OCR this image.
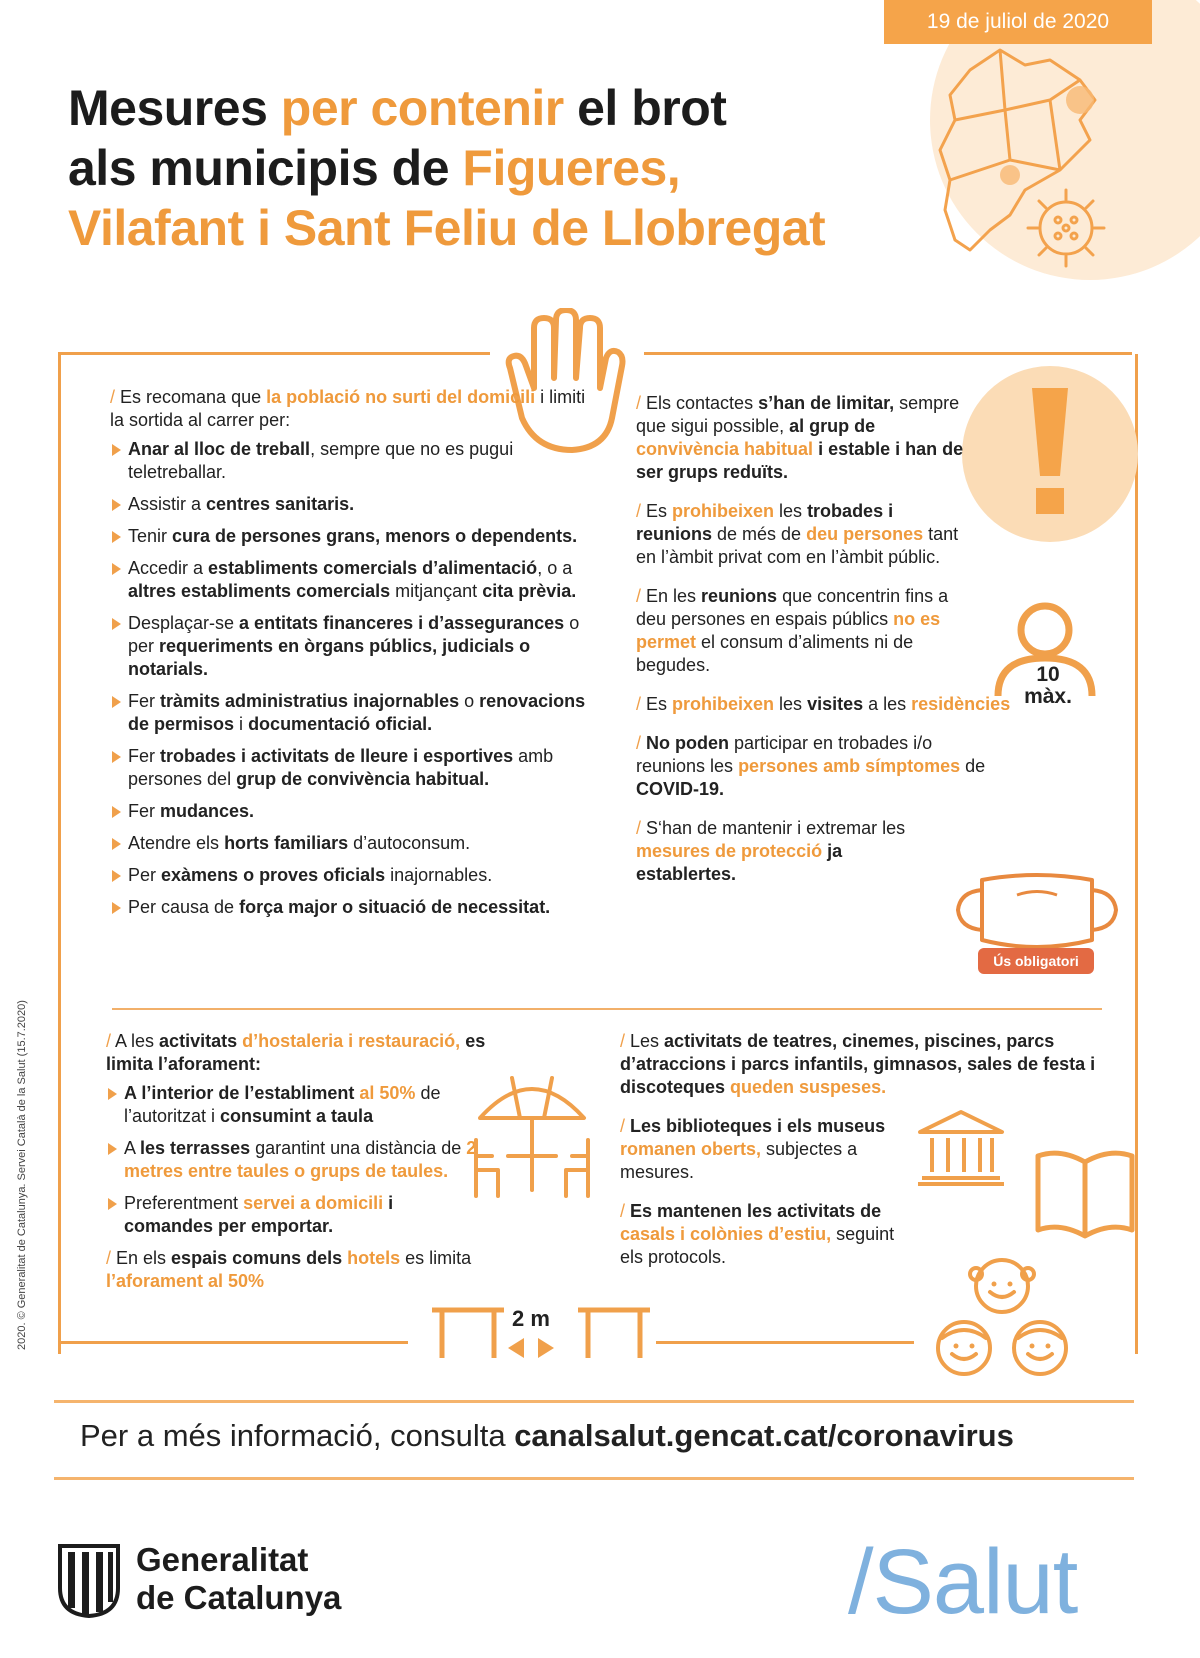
19 de juliol de 2020
Mesures per contenir el brot
als municipis de Figueres,
Vilafant i Sant Feliu de Llobregat
/ Es recomana que la població no surti del domicili i limiti la sortida al carrer per:
Anar al lloc de treball, sempre que no es pugui teletreballar.
Assistir a centres sanitaris.
Tenir cura de persones grans, menors o dependents.
Accedir a establiments comercials d’alimentació, o a altres establiments comercials mitjançant cita prèvia.
Desplaçar-se a entitats financeres i d’assegurances o per requeriments en òrgans públics, judicials o notarials.
Fer tràmits administratius inajornables o renovacions de permisos i documentació oficial.
Fer trobades i activitats de lleure i esportives amb persones del grup de convivència habitual.
Fer mudances.
Atendre els horts familiars d’autoconsum.
Per exàmens o proves oficials inajornables.
Per causa de força major o situació de necessitat.
/ Els contactes s’han de limitar, sempre que sigui possible, al grup de convivència habitual i estable i han de ser grups reduïts.
/ Es prohibeixen les trobades i reunions de més de deu persones tant en l’àmbit privat com en l’àmbit públic.
/ En les reunions que concentrin fins a deu persones en espais públics no es permet el consum d’aliments ni de begudes.
/ Es prohibeixen les visites a les residències
/ No poden participar en trobades i/o reunions les persones amb símptomes de COVID-19.
/ S‘han de mantenir i extremar les mesures de protecció ja establertes.
10
màx.
Ús obligatori
/ A les activitats d’hostaleria i restauració, es limita l’aforament:
A l’interior de l’establiment al 50% de l’autoritzat i consumint a taula
A les terrasses garantint una distància de 2 metres entre taules o grups de taules.
Preferentment servei a domicili i comandes per emportar.
/ En els espais comuns dels hotels es limita l’aforament al 50%
2 m
/ Les activitats de teatres, cinemes, piscines, parcs d’atraccions i parcs infantils, gimnasos, sales de festa i discoteques queden suspeses.
/ Les biblioteques i els museus romanen oberts, subjectes a mesures.
/ Es mantenen les activitats de casals i colònies d’estiu, seguint els protocols.
2020. © Generalitat de Catalunya. Servei Català de la Salut (15.7.2020)
Per a més informació, consulta canalsalut.gencat.cat/coronavirus
Generalitat
de Catalunya	/Salut
